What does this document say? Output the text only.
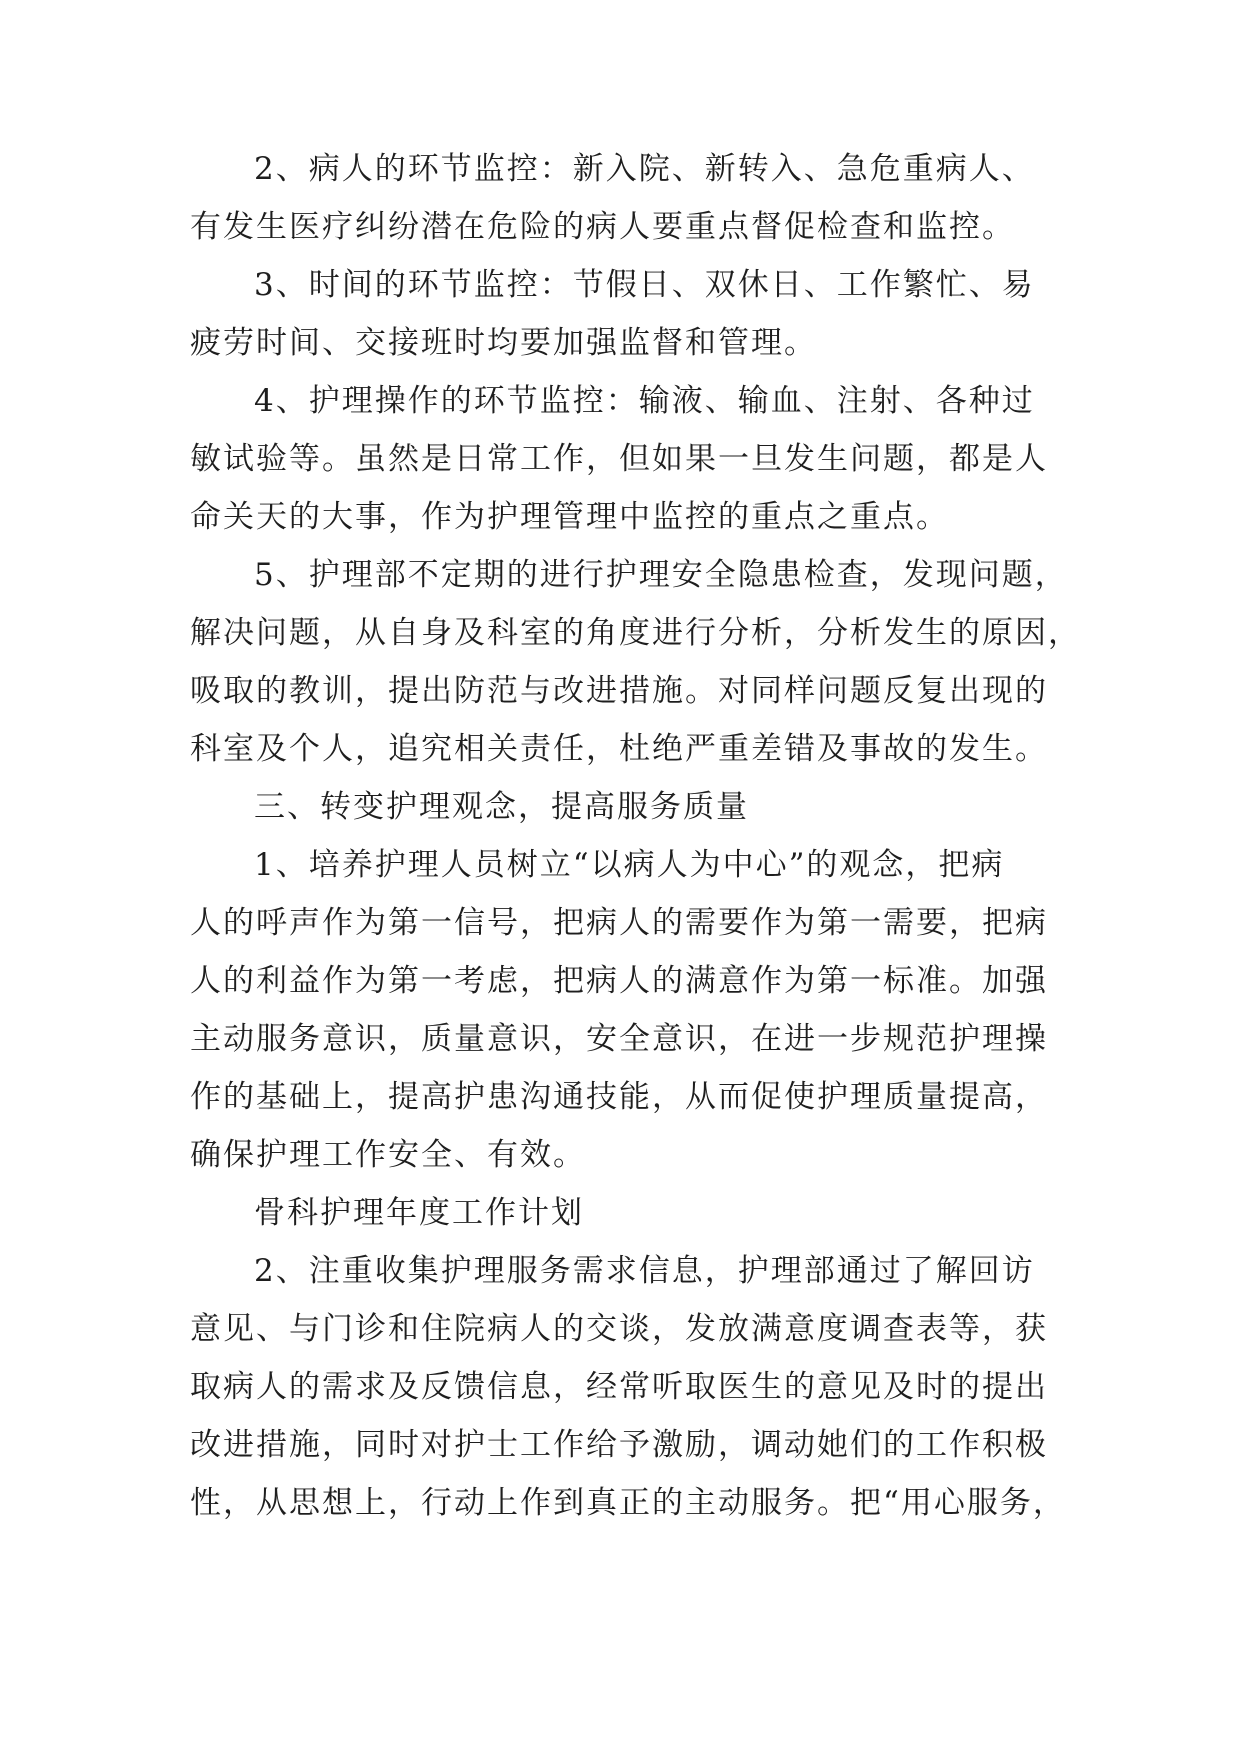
2、病人的环节监控：新入院、新转入、急危重病人、
有发生医疗纠纷潜在危险的病人要重点督促检查和监控。
3、时间的环节监控：节假日、双休日、工作繁忙、易
疲劳时间、交接班时均要加强监督和管理。
4、护理操作的环节监控：输液、输血、注射、各种过
敏试验等。虽然是日常工作，但如果一旦发生问题，都是人
命关天的大事，作为护理管理中监控的重点之重点。
5、护理部不定期的进行护理安全隐患检查，发现问题，
解决问题，从自身及科室的角度进行分析，分析发生的原因，
吸取的教训，提出防范与改进措施。对同样问题反复出现的
科室及个人，追究相关责任，杜绝严重差错及事故的发生。
三、转变护理观念，提高服务质量
1、培养护理人员树立“以病人为中心”的观念，把病
人的呼声作为第一信号，把病人的需要作为第一需要，把病
人的利益作为第一考虑，把病人的满意作为第一标准。加强
主动服务意识，质量意识，安全意识，在进一步规范护理操
作的基础上，提高护患沟通技能，从而促使护理质量提高，
确保护理工作安全、有效。
骨科护理年度工作计划
2、注重收集护理服务需求信息，护理部通过了解回访
意见、与门诊和住院病人的交谈，发放满意度调查表等，获
取病人的需求及反馈信息，经常听取医生的意见及时的提出
改进措施，同时对护士工作给予激励，调动她们的工作积极
性，从思想上，行动上作到真正的主动服务。把“用心服务，
